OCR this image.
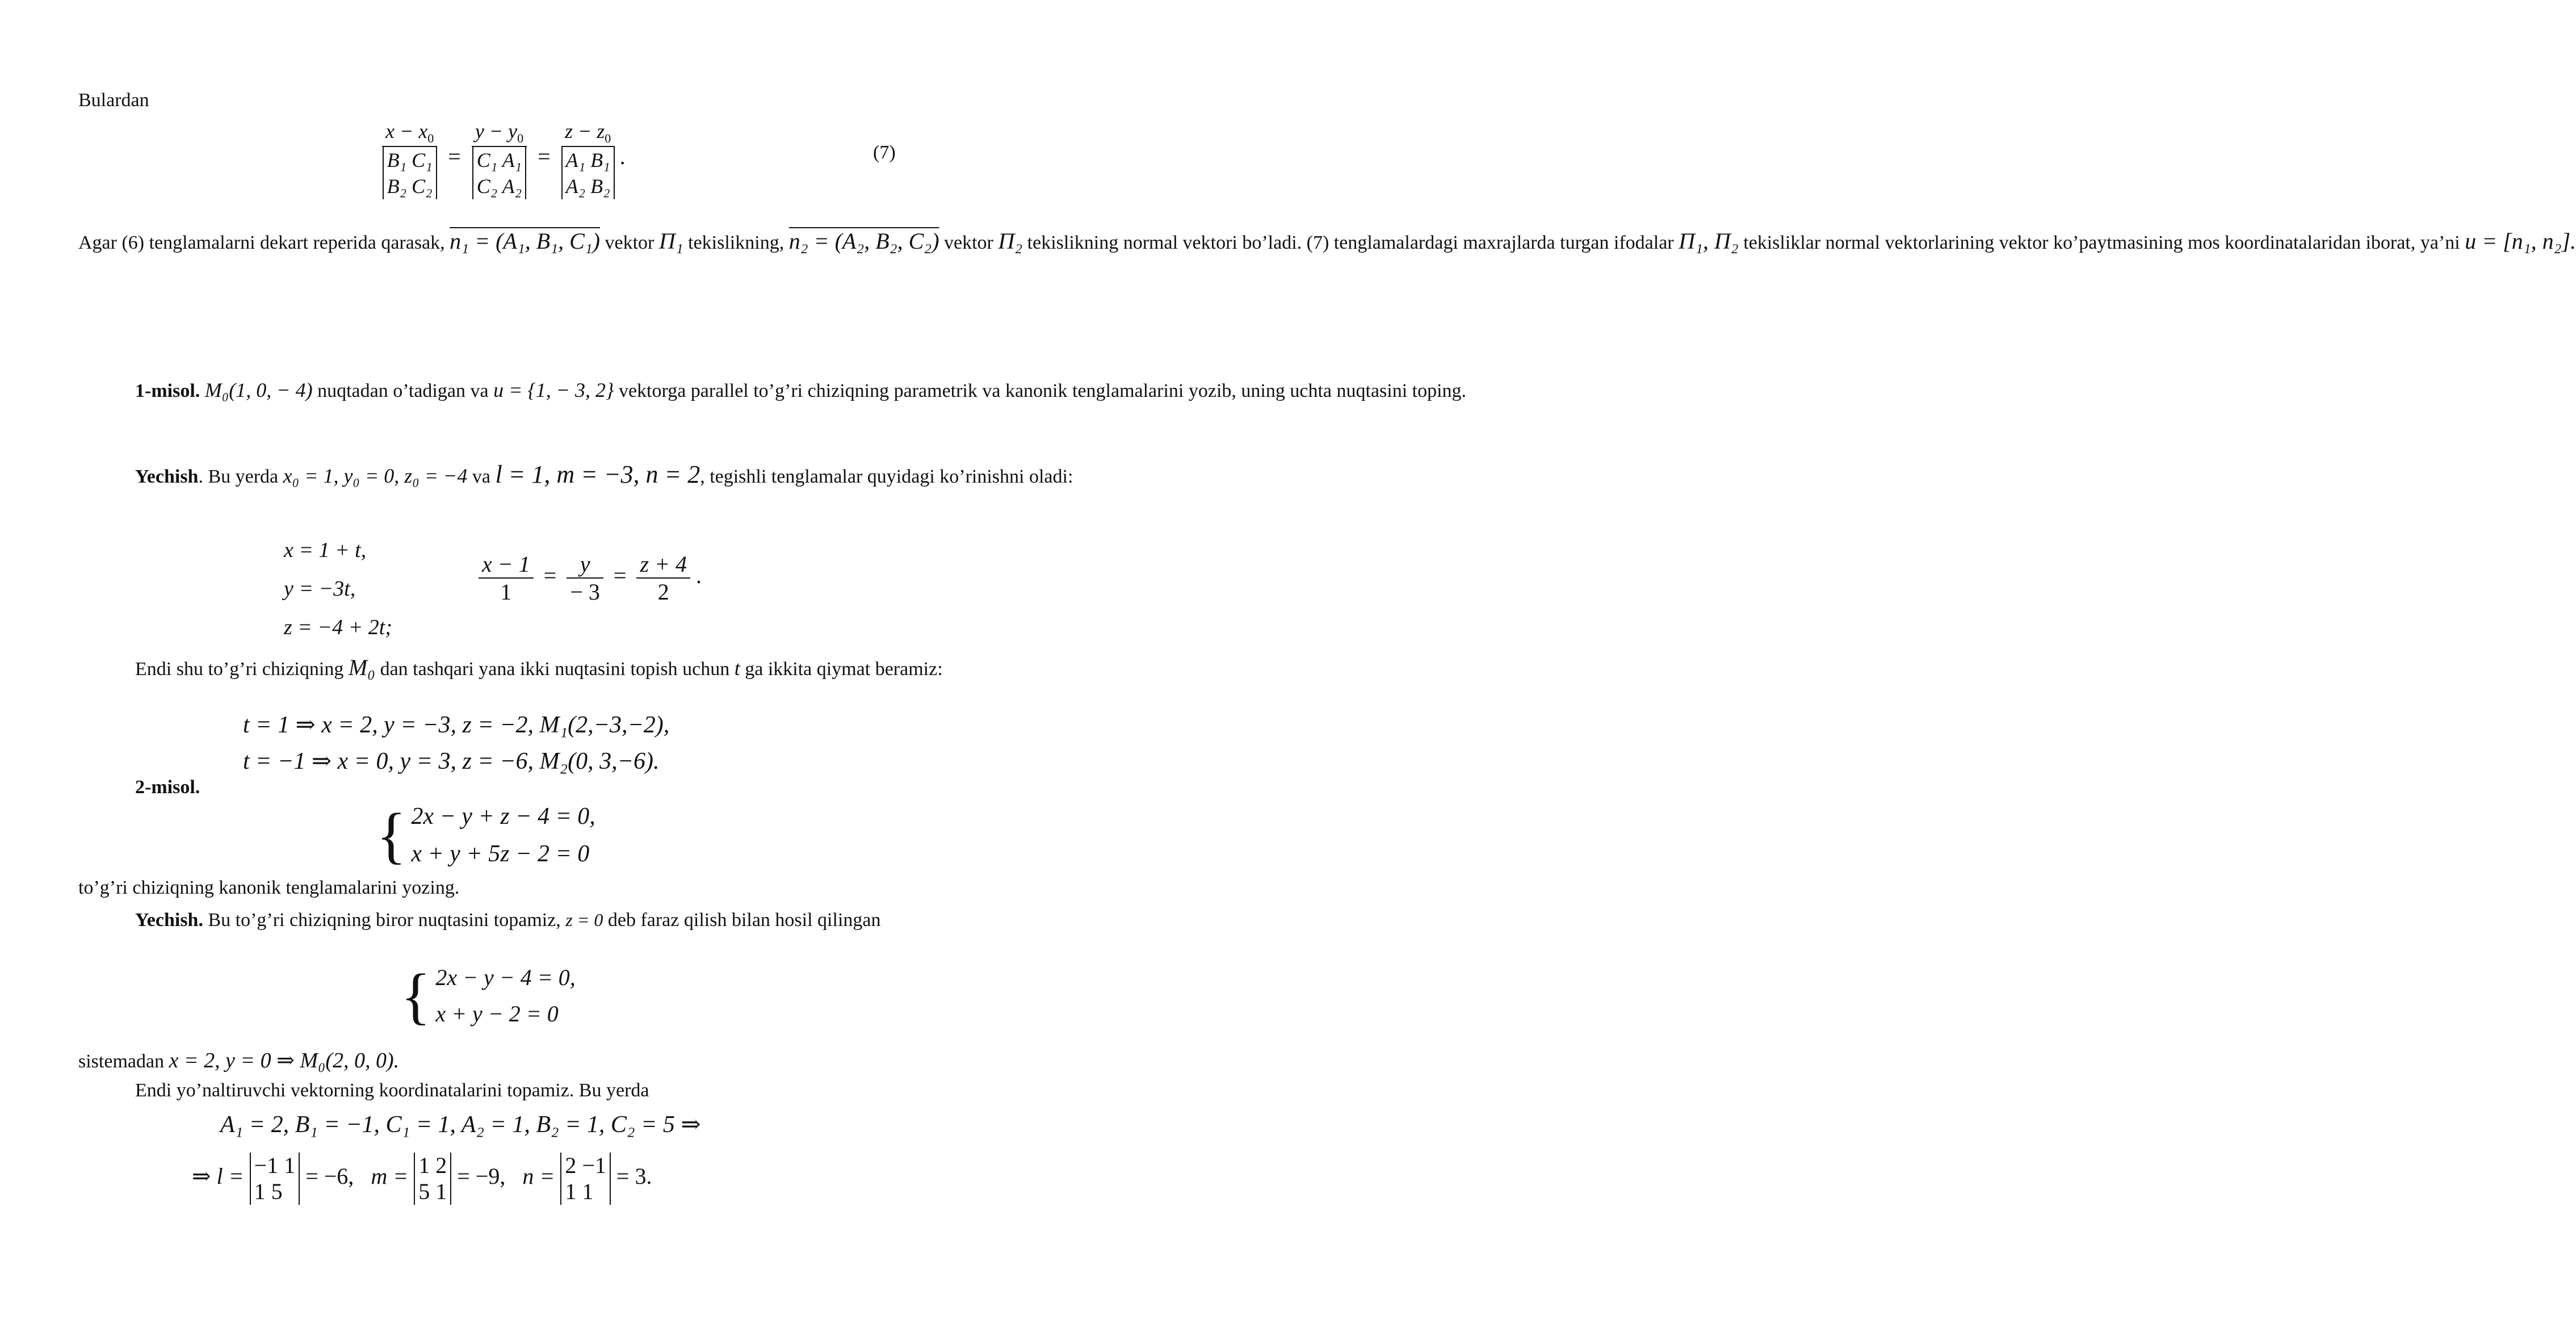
Bulardan
$x - x_0$
B₁ C₁
B₂ $C_2 = y - y_0$
C₁ A₁
C₂ $A_2 = z - z_0$
A₁ B₁
A₂ B₂ .	(7)
Agar (6) tenglamalarni dekart reperida qarasak, n₁ = (A₁, B₁, C₁) vektor Π₁ tekislikning, n₂ = (A₂, B₂, C₂) vektor Π₂ tekislikning normal vektori bo’ladi. (7) tenglamalardagi maxrajlarda turgan ifodalar Π₁, Π₂ tekisliklar normal vektorlarining vektor ko’paytmasining mos koordinatalaridan iborat, ya’ni u = [n₁, n₂].
1-misol. M₀(1, 0, − 4) nuqtadan o’tadigan va u = {1, − 3, 2} vektorga parallel to’g’ri chiziqning parametrik va kanonik tenglamalarini yozib, uning uchta nuqtasini toping.
Yechish. Bu yerda x₀ = 1, y₀ = 0, z₀ = −4 va l = 1, m = −3, n = 2, tegishli tenglamalar quyidagi ko’rinishni oladi:
x = 1 + t,
y = −3t,
z = −4 + 2t;
$\frac{x - 1}{1} = \frac{y}{- 3} = \frac{z + 4}{2}$ .
Endi shu to’g’ri chiziqning M₀ dan tashqari yana ikki nuqtasini topish uchun t ga ikkita qiymat beramiz:
t = 1 ⇒ x = 2, y = −3, z = −2, M₁(2,−3,−2),
t = −1 ⇒ x = 0, y = 3, z = −6, M₂(0, 3,−6).
2-misol.
{ 2x − y + z − 4 = 0,
x + y + 5z − 2 = 0
to’g’ri chiziqning kanonik tenglamalarini yozing.
Yechish. Bu to’g’ri chiziqning biror nuqtasini topamiz, z = 0 deb faraz qilish bilan hosil qilingan
{ 2x − y − 4 = 0,
x + y − 2 = 0
sistemadan x = 2, y = 0 ⇒ M₀(2, 0, 0).
Endi yo’naltiruvchi vektorning koordinatalarini topamiz. Bu yerda
A₁ = 2, B₁ = −1, C₁ = 1, A₂ = 1, B₂ = 1, C₂ = 5 ⇒
⇒ l = −1 1
1 5
= −6, m = 1 2
5 1
= −9, n = 2 −1
1 1
= 3.
